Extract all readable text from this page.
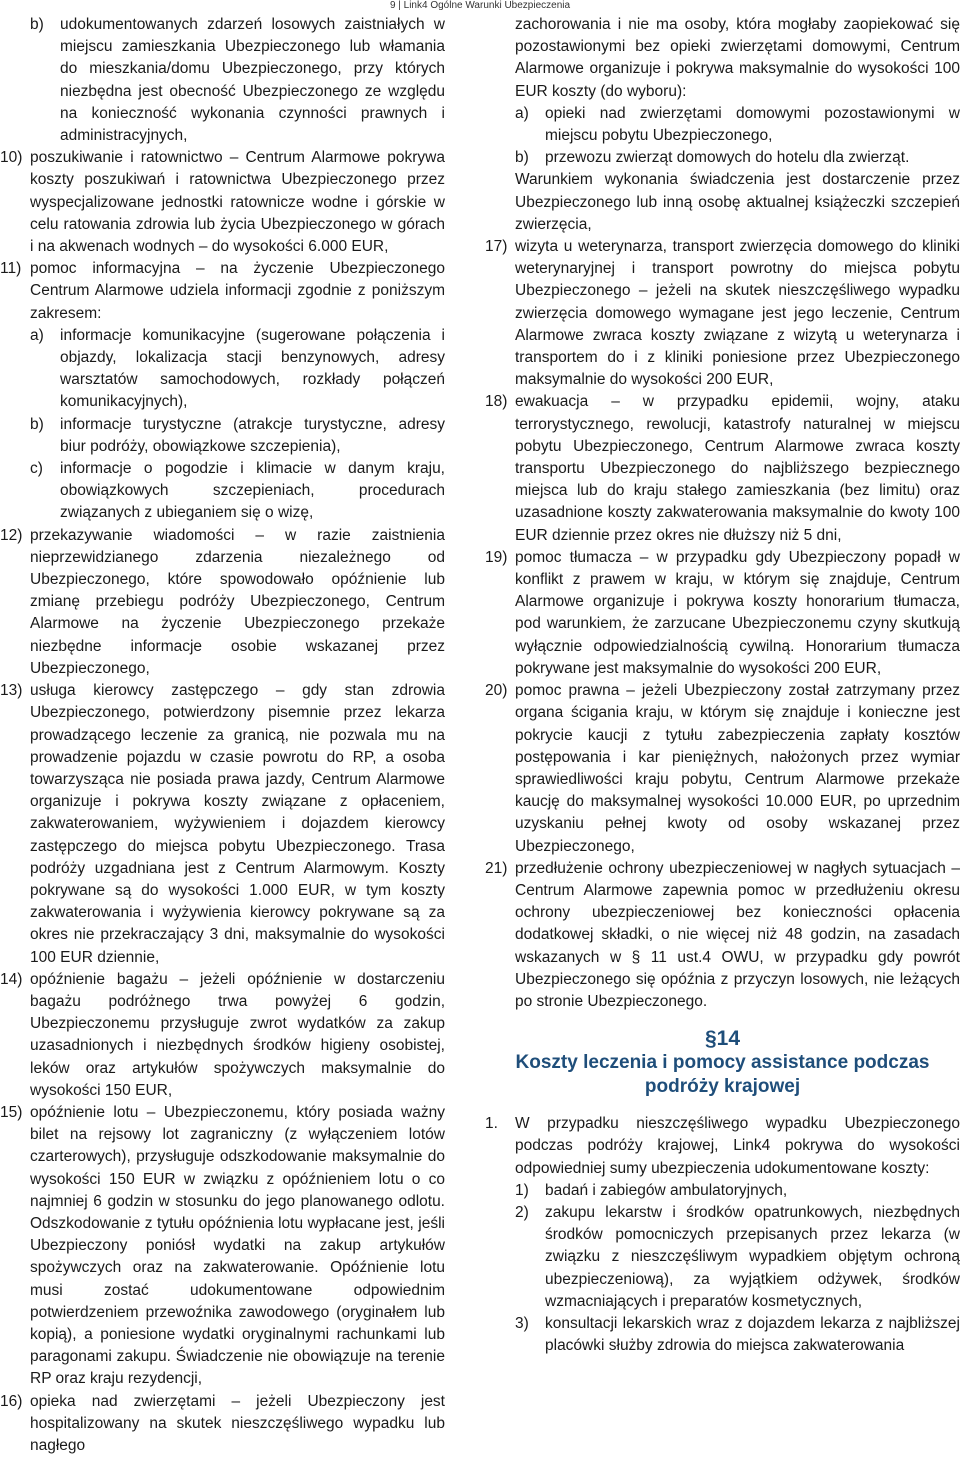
9 | Link4 Ogólne Warunki Ubezpieczenia
b) udokumentowanych zdarzeń losowych zaistniałych w miejscu zamieszkania Ubezpieczonego lub włamania do mieszkania/domu Ubezpieczonego, przy których niezbędna jest obecność Ubezpieczonego ze względu na konieczność wykonania czynności prawnych i administracyjnych,
10) poszukiwanie i ratownictwo – Centrum Alarmowe pokrywa koszty poszukiwań i ratownictwa Ubezpieczonego przez wyspecjalizowane jednostki ratownicze wodne i górskie w celu ratowania zdrowia lub życia Ubezpieczonego w górach i na akwenach wodnych – do wysokości 6.000 EUR,
11) pomoc informacyjna – na życzenie Ubezpieczonego Centrum Alarmowe udziela informacji zgodnie z poniższym zakresem:
a) informacje komunikacyjne (sugerowane połączenia i objazdy, lokalizacja stacji benzynowych, adresy warsztatów samochodowych, rozkłady połączeń komunikacyjnych),
b) informacje turystyczne (atrakcje turystyczne, adresy biur podróży, obowiązkowe szczepienia),
c) informacje o pogodzie i klimacie w danym kraju, obowiązkowych szczepieniach, procedurach związanych z ubieganiem się o wizę,
12) przekazywanie wiadomości – w razie zaistnienia nieprzewidzianego zdarzenia niezależnego od Ubezpieczonego, które spowodowało opóźnienie lub zmianę przebiegu podróży Ubezpieczonego, Centrum Alarmowe na życzenie Ubezpieczonego przekaże niezbędne informacje osobie wskazanej przez Ubezpieczonego,
13) usługa kierowcy zastępczego – gdy stan zdrowia Ubezpieczonego, potwierdzony pisemnie przez lekarza prowadzącego leczenie za granicą, nie pozwala mu na prowadzenie pojazdu w czasie powrotu do RP, a osoba towarzysząca nie posiada prawa jazdy, Centrum Alarmowe organizuje i pokrywa koszty związane z opłaceniem, zakwaterowaniem, wyżywieniem i dojazdem kierowcy zastępczego do miejsca pobytu Ubezpieczonego. Trasa podróży uzgadniana jest z Centrum Alarmowym. Koszty pokrywane są do wysokości 1.000 EUR, w tym koszty zakwaterowania i wyżywienia kierowcy pokrywane są za okres nie przekraczający 3 dni, maksymalnie do wysokości 100 EUR dziennie,
14) opóźnienie bagażu – jeżeli opóźnienie w dostarczeniu bagażu podróżnego trwa powyżej 6 godzin, Ubezpieczonemu przysługuje zwrot wydatków za zakup uzasadnionych i niezbędnych środków higieny osobistej, leków oraz artykułów spożywczych maksymalnie do wysokości 150 EUR,
15) opóźnienie lotu – Ubezpieczonemu, który posiada ważny bilet na rejsowy lot zagraniczny (z wyłączeniem lotów czarterowych), przysługuje odszkodowanie maksymalnie do wysokości 150 EUR w związku z opóźnieniem lotu o co najmniej 6 godzin w stosunku do jego planowanego odlotu. Odszkodowanie z tytułu opóźnienia lotu wypłacane jest, jeśli Ubezpieczony poniósł wydatki na zakup artykułów spożywczych oraz na zakwaterowanie. Opóźnienie lotu musi zostać udokumentowane odpowiednim potwierdzeniem przewoźnika zawodowego (oryginałem lub kopią), a poniesione wydatki oryginalnymi rachunkami lub paragonami zakupu. Świadczenie nie obowiązuje na terenie RP oraz kraju rezydencji,
16) opieka nad zwierzętami – jeżeli Ubezpieczony jest hospitalizowany na skutek nieszczęśliwego wypadku lub nagłego
zachorowania i nie ma osoby, która mogłaby zaopiekować się pozostawionymi bez opieki zwierzętami domowymi, Centrum Alarmowe organizuje i pokrywa maksymalnie do wysokości 100 EUR koszty (do wyboru):
a) opieki nad zwierzętami domowymi pozostawionymi w miejscu pobytu Ubezpieczonego,
b) przewozu zwierząt domowych do hotelu dla zwierząt.
Warunkiem wykonania świadczenia jest dostarczenie przez Ubezpieczonego lub inną osobę aktualnej książeczki szczepień zwierzęcia,
17) wizyta u weterynarza, transport zwierzęcia domowego do kliniki weterynaryjnej i transport powrotny do miejsca pobytu Ubezpieczonego – jeżeli na skutek nieszczęśliwego wypadku zwierzęcia domowego wymagane jest jego leczenie, Centrum Alarmowe zwraca koszty związane z wizytą u weterynarza i transportem do i z kliniki poniesione przez Ubezpieczonego maksymalnie do wysokości 200 EUR,
18) ewakuacja – w przypadku epidemii, wojny, ataku terrorystycznego, rewolucji, katastrofy naturalnej w miejscu pobytu Ubezpieczonego, Centrum Alarmowe zwraca koszty transportu Ubezpieczonego do najbliższego bezpiecznego miejsca lub do kraju stałego zamieszkania (bez limitu) oraz uzasadnione koszty zakwaterowania maksymalnie do kwoty 100 EUR dziennie przez okres nie dłuższy niż 5 dni,
19) pomoc tłumacza – w przypadku gdy Ubezpieczony popadł w konflikt z prawem w kraju, w którym się znajduje, Centrum Alarmowe organizuje i pokrywa koszty honorarium tłumacza, pod warunkiem, że zarzucane Ubezpieczonemu czyny skutkują wyłącznie odpowiedzialnością cywilną. Honorarium tłumacza pokrywane jest maksymalnie do wysokości 200 EUR,
20) pomoc prawna – jeżeli Ubezpieczony został zatrzymany przez organa ścigania kraju, w którym się znajduje i konieczne jest pokrycie kaucji z tytułu zabezpieczenia zapłaty kosztów postępowania i kar pieniężnych, nałożonych przez wymiar sprawiedliwości kraju pobytu, Centrum Alarmowe przekaże kaucję do maksymalnej wysokości 10.000 EUR, po uprzednim uzyskaniu pełnej kwoty od osoby wskazanej przez Ubezpieczonego,
21) przedłużenie ochrony ubezpieczeniowej w nagłych sytuacjach – Centrum Alarmowe zapewnia pomoc w przedłużeniu okresu ochrony ubezpieczeniowej bez konieczności opłacenia dodatkowej składki, o nie więcej niż 48 godzin, na zasadach wskazanych w § 11 ust.4 OWU, w przypadku gdy powrót Ubezpieczonego się opóźnia z przyczyn losowych, nie leżących po stronie Ubezpieczonego.
§14
Koszty leczenia i pomocy assistance podczas podróży krajowej
1. W przypadku nieszczęśliwego wypadku Ubezpieczonego podczas podróży krajowej, Link4 pokrywa do wysokości odpowiedniej sumy ubezpieczenia udokumentowane koszty:
1) badań i zabiegów ambulatoryjnych,
2) zakupu lekarstw i środków opatrunkowych, niezbędnych środków pomocniczych przepisanych przez lekarza (w związku z nieszczęśliwym wypadkiem objętym ochroną ubezpieczeniową), za wyjątkiem odżywek, środków wzmacniających i preparatów kosmetycznych,
3) konsultacji lekarskich wraz z dojazdem lekarza z najbliższej placówki służby zdrowia do miejsca zakwaterowania
